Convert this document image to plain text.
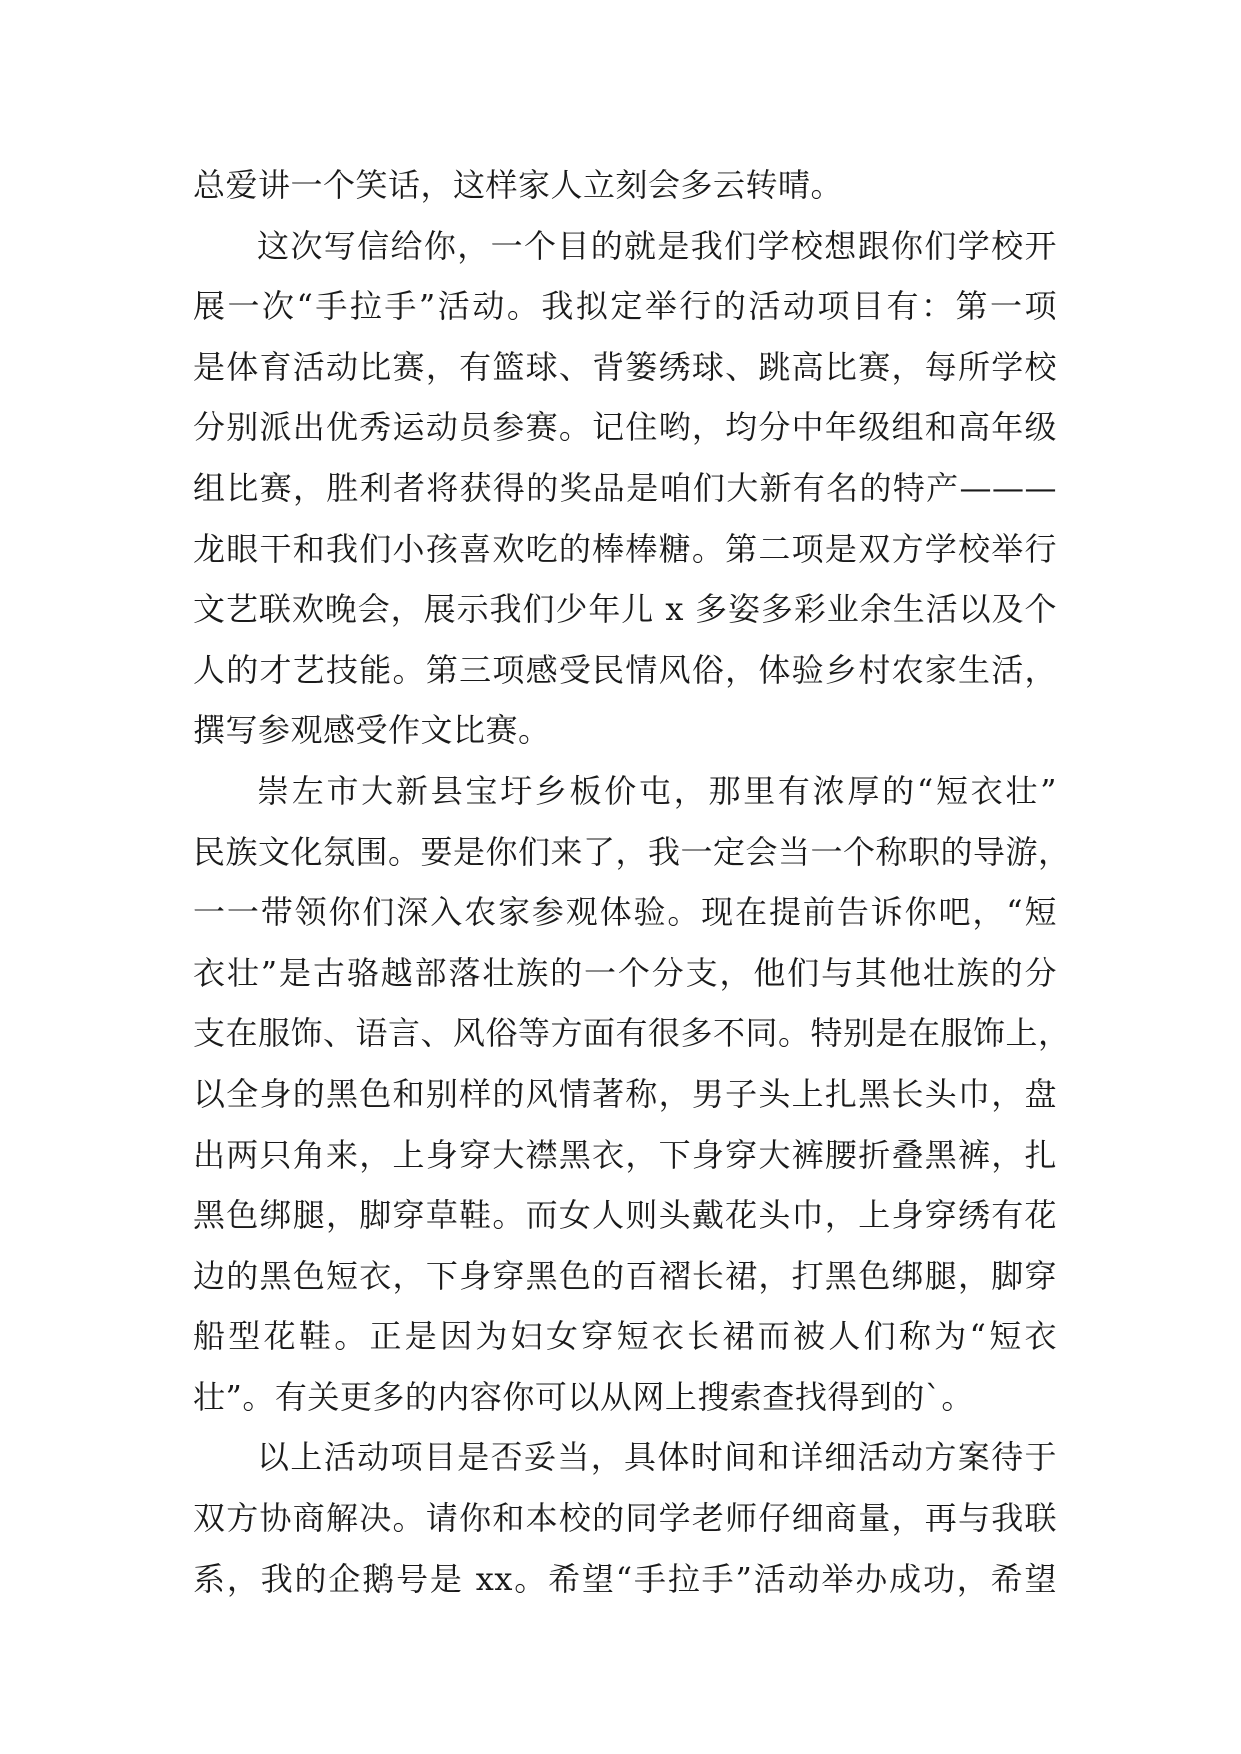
总爱讲一个笑话，这样家人立刻会多云转晴。
这次写信给你，一个目的就是我们学校想跟你们学校开
展一次“手拉手”活动。我拟定举行的活动项目有：第一项
是体育活动比赛，有篮球、背篓绣球、跳高比赛，每所学校
分别派出优秀运动员参赛。记住哟，均分中年级组和高年级
组比赛，胜利者将获得的奖品是咱们大新有名的特产———
龙眼干和我们小孩喜欢吃的棒棒糖。第二项是双方学校举行
文艺联欢晚会，展示我们少年儿 x 多姿多彩业余生活以及个
人的才艺技能。第三项感受民情风俗，体验乡村农家生活，
撰写参观感受作文比赛。
崇左市大新县宝圩乡板价屯，那里有浓厚的“短衣壮”
民族文化氛围。要是你们来了，我一定会当一个称职的导游，
一一带领你们深入农家参观体验。现在提前告诉你吧，“短
衣壮”是古骆越部落壮族的一个分支，他们与其他壮族的分
支在服饰、语言、风俗等方面有很多不同。特别是在服饰上，
以全身的黑色和别样的风情著称，男子头上扎黑长头巾，盘
出两只角来，上身穿大襟黑衣，下身穿大裤腰折叠黑裤，扎
黑色绑腿，脚穿草鞋。而女人则头戴花头巾，上身穿绣有花
边的黑色短衣，下身穿黑色的百褶长裙，打黑色绑腿，脚穿
船型花鞋。正是因为妇女穿短衣长裙而被人们称为“短衣
壮”。有关更多的内容你可以从网上搜索查找得到的`。
以上活动项目是否妥当，具体时间和详细活动方案待于
双方协商解决。请你和本校的同学老师仔细商量，再与我联
系，我的企鹅号是 xx。希望“手拉手”活动举办成功，希望
